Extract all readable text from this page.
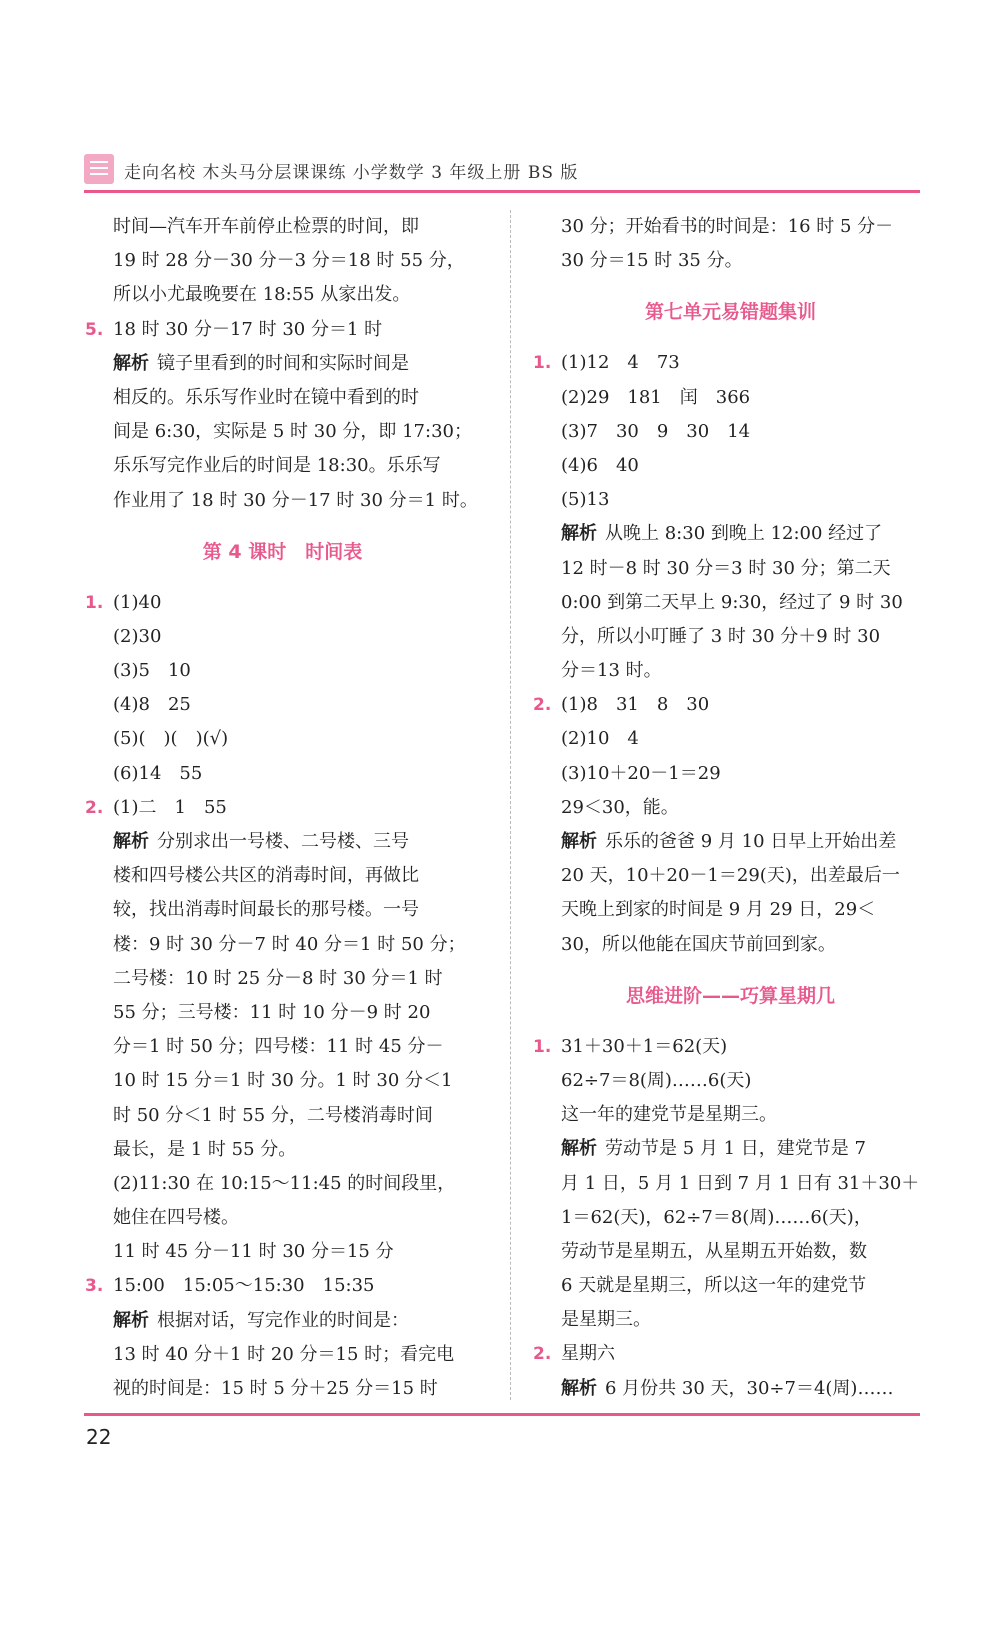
走向名校 木头马分层课课练 小学数学 3 年级上册 BS 版
时间—汽车开车前停止检票的时间，即
19 时 28 分－30 分－3 分＝18 时 55 分，
所以小尤最晚要在 18:55 从家出发。
5. 18 时 30 分－17 时 30 分＝1 时
解析 镜子里看到的时间和实际时间是
相反的。乐乐写作业时在镜中看到的时
间是 6:30，实际是 5 时 30 分，即 17:30；
乐乐写完作业后的时间是 18:30。乐乐写
作业用了 18 时 30 分－17 时 30 分＝1 时。
第 4 课时　时间表
1. (1)40
(2)30
(3)5　10
(4)8　25
(5)(　)(　)(√)
(6)14　55
2. (1)二　1　55
解析 分别求出一号楼、二号楼、三号
楼和四号楼公共区的消毒时间，再做比
较，找出消毒时间最长的那号楼。一号
楼：9 时 30 分－7 时 40 分＝1 时 50 分；
二号楼：10 时 25 分－8 时 30 分＝1 时
55 分；三号楼：11 时 10 分－9 时 20
分＝1 时 50 分；四号楼：11 时 45 分－
10 时 15 分＝1 时 30 分。1 时 30 分＜1
时 50 分＜1 时 55 分，二号楼消毒时间
最长，是 1 时 55 分。
(2)11:30 在 10:15～11:45 的时间段里，
她住在四号楼。
11 时 45 分－11 时 30 分＝15 分
3. 15:00　15:05～15:30　15:35
解析 根据对话，写完作业的时间是：
13 时 40 分＋1 时 20 分＝15 时；看完电
视的时间是：15 时 5 分＋25 分＝15 时
30 分；开始看书的时间是：16 时 5 分－
30 分＝15 时 35 分。
第七单元易错题集训
1. (1)12　4　73
(2)29　181　闰　366
(3)7　30　9　30　14
(4)6　40
(5)13
解析 从晚上 8:30 到晚上 12:00 经过了
12 时－8 时 30 分＝3 时 30 分；第二天
0:00 到第二天早上 9:30，经过了 9 时 30
分，所以小叮睡了 3 时 30 分＋9 时 30
分＝13 时。
2. (1)8　31　8　30
(2)10　4
(3)10＋20－1＝29
29＜30，能。
解析 乐乐的爸爸 9 月 10 日早上开始出差
20 天，10＋20－1＝29(天)，出差最后一
天晚上到家的时间是 9 月 29 日，29＜
30，所以他能在国庆节前回到家。
思维进阶——巧算星期几
1. 31＋30＋1＝62(天)
62÷7＝8(周)……6(天)
这一年的建党节是星期三。
解析 劳动节是 5 月 1 日，建党节是 7
月 1 日，5 月 1 日到 7 月 1 日有 31＋30＋
1＝62(天)，62÷7＝8(周)……6(天)，
劳动节是星期五，从星期五开始数，数
6 天就是星期三，所以这一年的建党节
是星期三。
2. 星期六
解析 6 月份共 30 天，30÷7＝4(周)……
22
